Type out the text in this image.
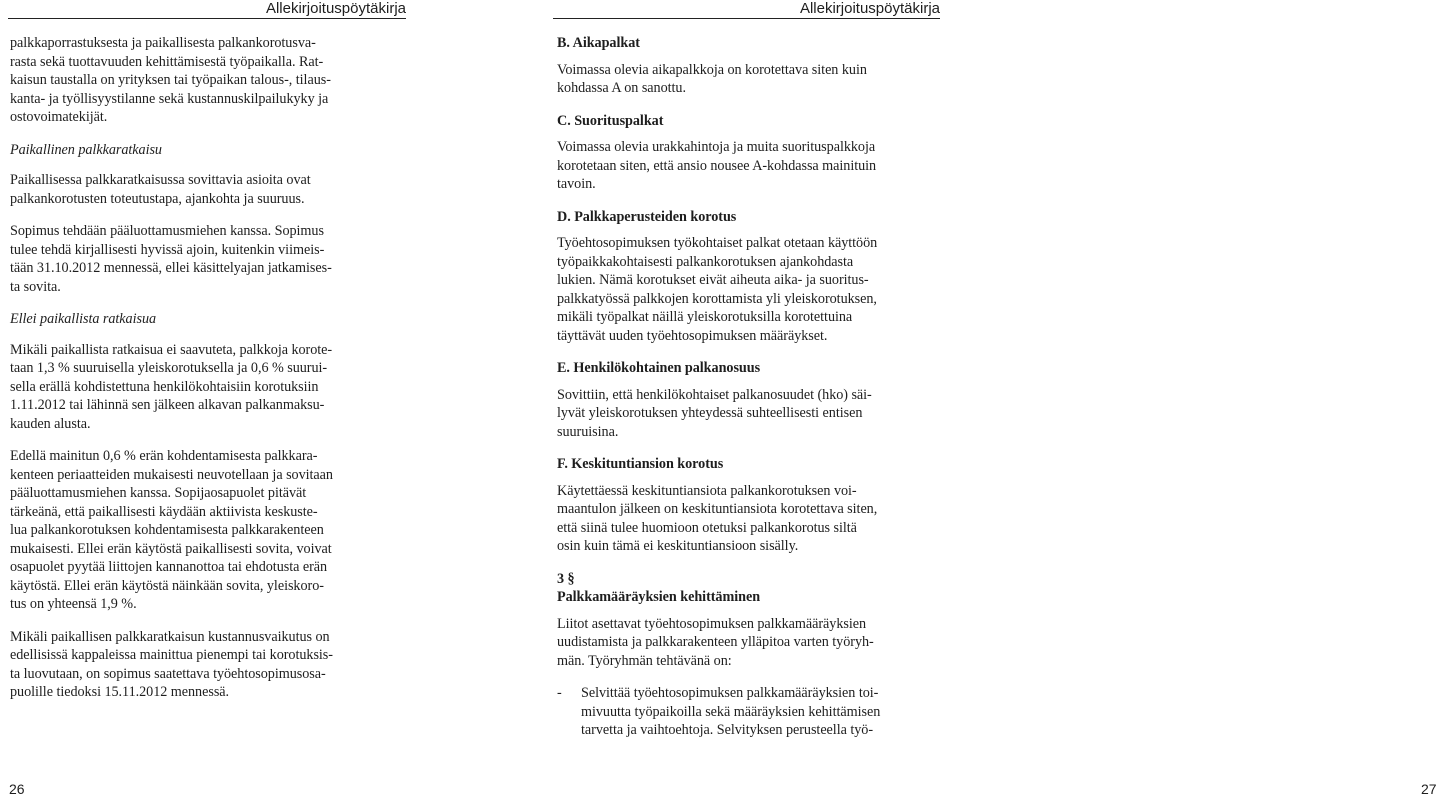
Allekirjoituspöytäkirja

palkkaporrastuksesta ja paikallisesta palkankorotusva-
rasta sekä tuottavuuden kehittämisestä työpaikalla. Rat-
kaisun taustalla on yrityksen tai työpaikan talous-, tilaus-
kanta- ja työllisyystilanne sekä kustannuskilpailukyky ja
ostovoimatekijät.

Paikallinen palkkaratkaisu

Paikallisessa palkkaratkaisussa sovittavia asioita ovat
palkankorotusten toteutustapa, ajankohta ja suuruus.

Sopimus tehdään pääluottamusmiehen kanssa. Sopimus
tulee tehdä kirjallisesti hyvissä ajoin, kuitenkin viimeis-
tään 31.10.2012 mennessä, ellei käsittelyajan jatkamises-
ta sovita.

Ellei paikallista ratkaisua

Mikäli paikallista ratkaisua ei saavuteta, palkkoja korote-
taan 1,3 % suuruisella yleiskorotuksella ja 0,6 % suurui-
sella erällä kohdistettuna henkilökohtaisiin korotuksiin
1.11.2012 tai lähinnä sen jälkeen alkavan palkanmaksu-
kauden alusta.

Edellä mainitun 0,6 % erän kohdentamisesta palkkara-
kenteen periaatteiden mukaisesti neuvotellaan ja sovitaan
pääluottamusmiehen kanssa. Sopijaosapuolet pitävät
tärkeänä, että paikallisesti käydään aktiivista keskuste-
lua palkankorotuksen kohdentamisesta palkkarakenteen
mukaisesti. Ellei erän käytöstä paikallisesti sovita, voivat
osapuolet pyytää liittojen kannanottoa tai ehdotusta erän
käytöstä. Ellei erän käytöstä näinkään sovita, yleiskoro-
tus on yhteensä 1,9 %.

Mikäli paikallisen palkkaratkaisun kustannusvaikutus on
edellisissä kappaleissa mainittua pienempi tai korotuksis-
ta luovutaan, on sopimus saatettava työehtosopimusosa-
puolille tiedoksi 15.11.2012 mennessä.

26
Allekirjoituspöytäkirja
B. Aikapalkat

Voimassa olevia aikapalkkoja on korotettava siten kuin
kohdassa A on sanottu.

C. Suorituspalkat

Voimassa olevia urakkahintoja ja muita suorituspalkkoja
korotetaan siten, että ansio nousee A-kohdassa mainituin
tavoin.

D. Palkkaperusteiden korotus

Työehtosopimuksen työkohtaiset palkat otetaan käyttöön
työpaikkakohtaisesti palkankorotuksen ajankohdasta
lukien. Nämä korotukset eivät aiheuta aika- ja suoritus-
palkkatyössä palkkojen korottamista yli yleiskorotuksen,
mikäli työpalkat näillä yleiskorotuksilla korotettuina
täyttävät uuden työehtosopimuksen määräykset.

E. Henkilökohtainen palkanosuus

Sovittiin, että henkilökohtaiset palkanosuudet (hko) säi-
lyvät yleiskorotuksen yhteydessä suhteellisesti entisen
suuruisina.

F. Keskituntiansion korotus

Käytettäessä keskituntiansiota palkankorotuksen voi-
maantulon jälkeen on keskituntiansiota korotettava siten,
että siinä tulee huomioon otetuksi palkankorotus siltä
osin kuin tämä ei keskituntiansioon sisälly.

3 §
Palkkamääräyksien kehittäminen

Liitot asettavat työehtosopimuksen palkkamääräyksien
uudistamista ja palkkarakenteen ylläpitoa varten työryh-
män. Työryhmän tehtävänä on:

- Selvittää työehtosopimuksen palkkamääräyksien toi-
mivuutta työpaikoilla sekä määräyksien kehittämisen
tarvetta ja vaihtoehtoja. Selvityksen perusteella työ-
27
